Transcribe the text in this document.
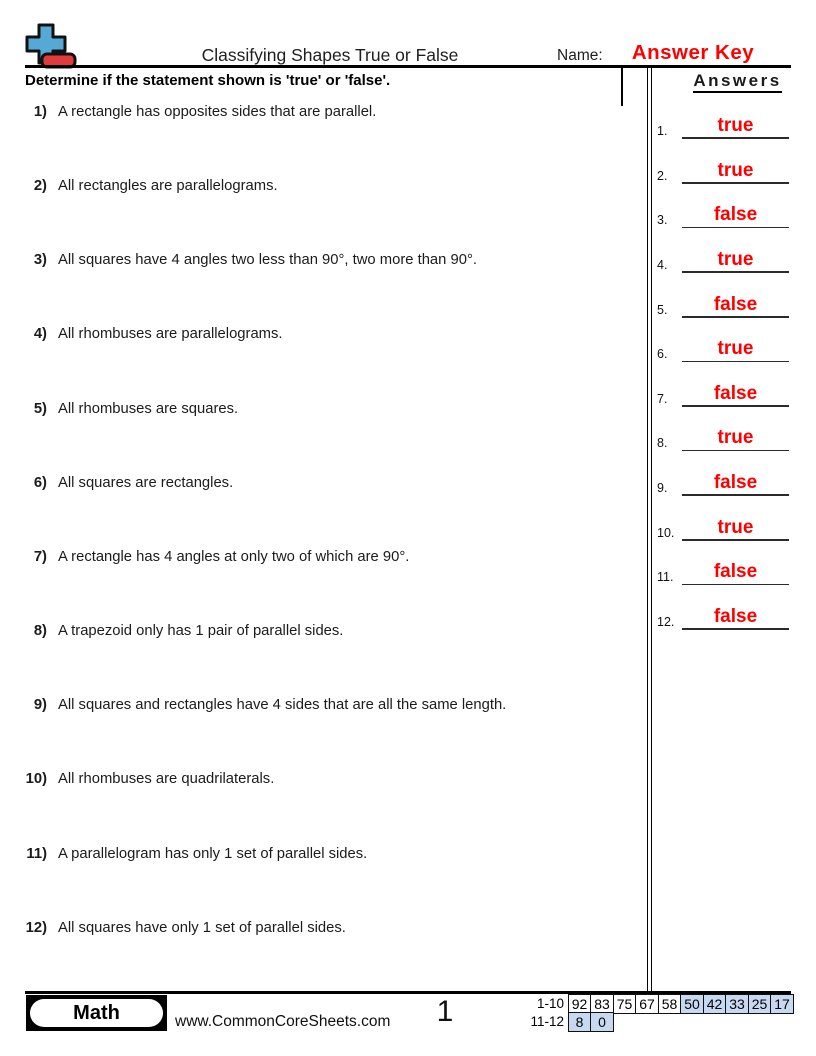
Classifying Shapes True or False	Name:	Answer Key
Determine if the statement shown is 'true' or 'false'.	Answers
1) A rectangle has opposites sides that are parallel.
2) All rectangles are parallelograms.
3) All squares have 4 angles two less than 90°, two more than 90°.
4) All rhombuses are parallelograms.
5) All rhombuses are squares.
6) All squares are rectangles.
7) A rectangle has 4 angles at only two of which are 90°.
8) A trapezoid only has 1 pair of parallel sides.
9) All squares and rectangles have 4 sides that are all the same length.
10) All rhombuses are quadrilaterals.
11) A parallelogram has only 1 set of parallel sides.
12) All squares have only 1 set of parallel sides.
1.	true
2.	true
3.	false
4.	true
5.	false
6.	true
7.	false
8.	true
9.	false
10.	true
11.	false
12.	false
Math	www.CommonCoreSheets.com	1	1-10 92 83 75 67 58 50 42 33 25 17
11-12 8	0
